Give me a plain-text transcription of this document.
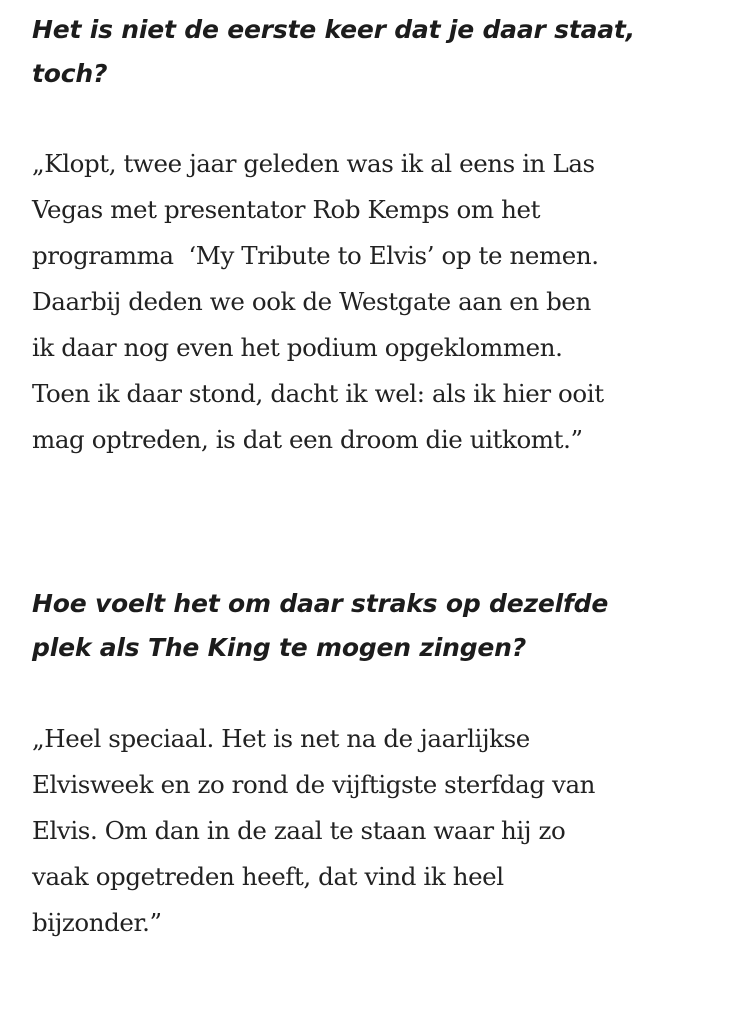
Het is niet de eerste keer dat je daar staat,
toch?

„Klopt, twee jaar geleden was ik al eens in Las
Vegas met presentator Rob Kemps om het
programma  ‘My Tribute to Elvis’ op te nemen.
Daarbij deden we ook de Westgate aan en ben
ik daar nog even het podium opgeklommen.
Toen ik daar stond, dacht ik wel: als ik hier ooit
mag optreden, is dat een droom die uitkomt.”

Hoe voelt het om daar straks op dezelfde
plek als The King te mogen zingen?

„Heel speciaal. Het is net na de jaarlijkse
Elvisweek en zo rond de vijftigste sterfdag van
Elvis. Om dan in de zaal te staan waar hij zo
vaak opgetreden heeft, dat vind ik heel
bijzonder.”
